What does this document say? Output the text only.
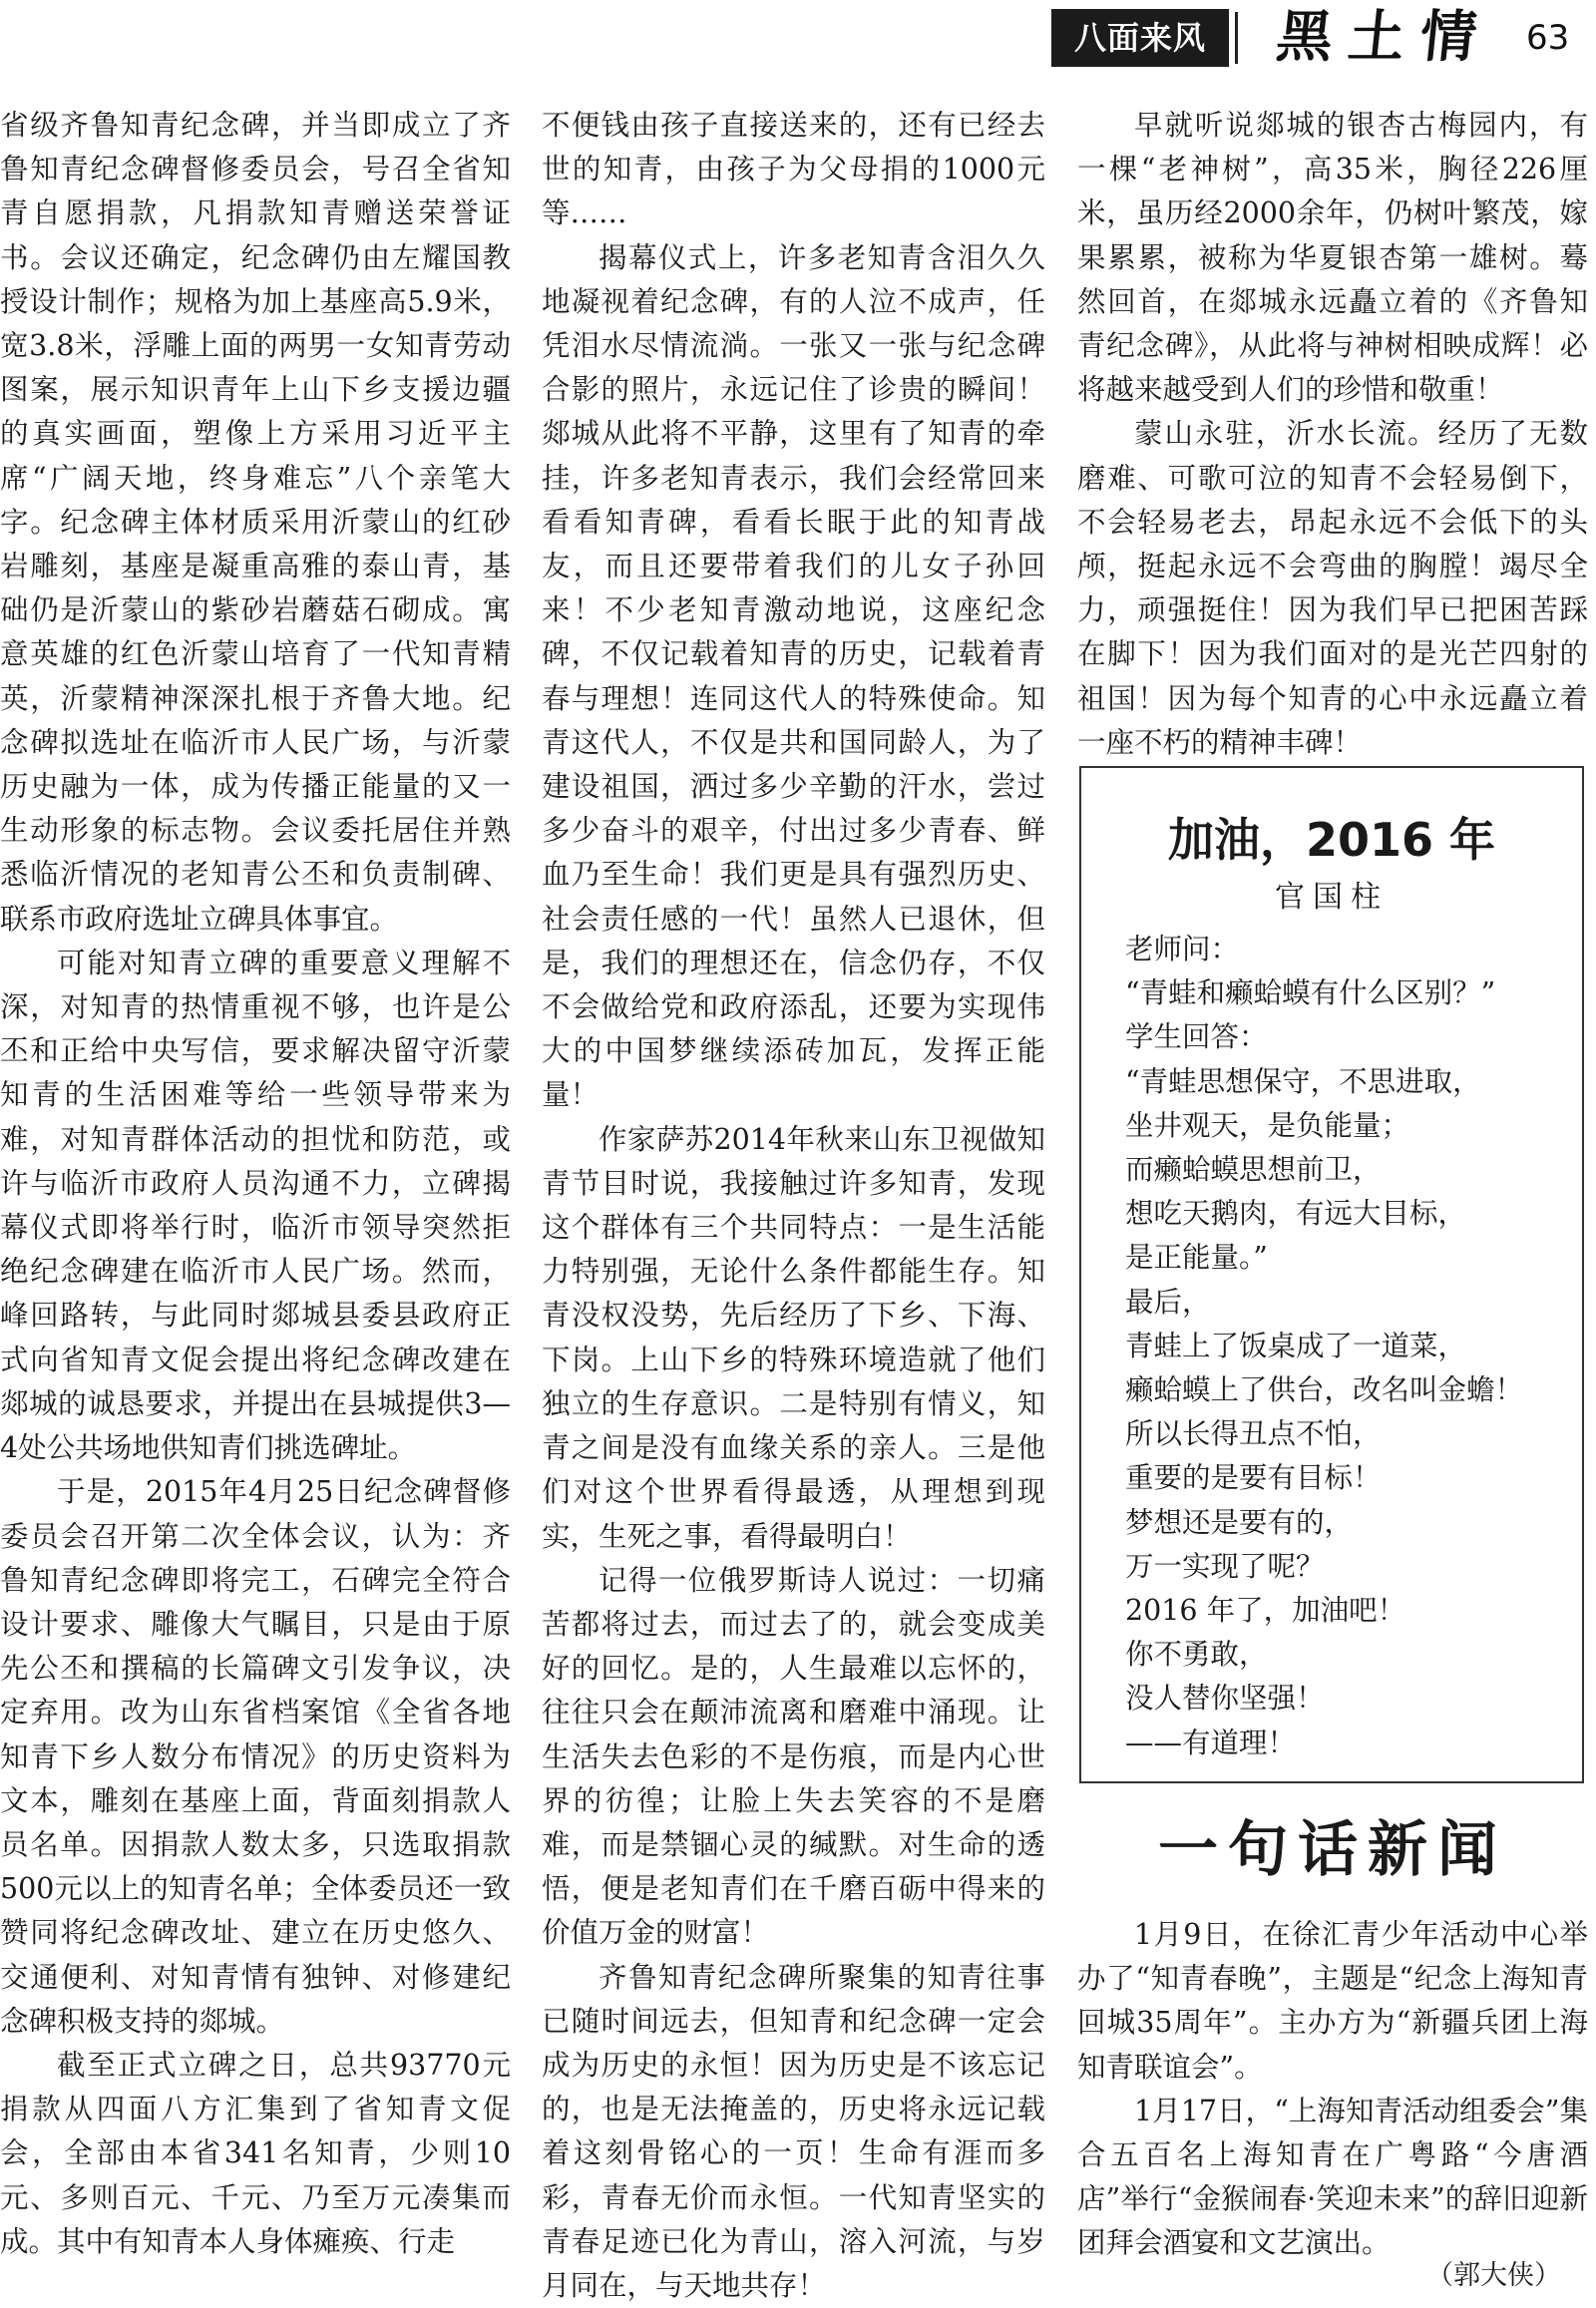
八面来风	黑土情 63

省级齐鲁知青纪念碑，并当即成立了齐鲁知青纪念碑督修委员会，号召全省知青自愿捐款，凡捐款知青赠送荣誉证书。会议还确定，纪念碑仍由左耀国教授设计制作；规格为加上基座高5.9米，宽3.8米，浮雕上面的两男一女知青劳动图案，展示知识青年上山下乡支援边疆的真实画面，塑像上方采用习近平主席“广阔天地，终身难忘”八个亲笔大字。纪念碑主体材质采用沂蒙山的红砂岩雕刻，基座是凝重高雅的泰山青，基础仍是沂蒙山的紫砂岩蘑菇石砌成。寓意英雄的红色沂蒙山培育了一代知青精英，沂蒙精神深深扎根于齐鲁大地。纪念碑拟选址在临沂市人民广场，与沂蒙历史融为一体，成为传播正能量的又一生动形象的标志物。会议委托居住并熟悉临沂情况的老知青公丕和负责制碑、联系市政府选址立碑具体事宜。

可能对知青立碑的重要意义理解不深，对知青的热情重视不够，也许是公丕和正给中央写信，要求解决留守沂蒙知青的生活困难等给一些领导带来为难，对知青群体活动的担忧和防范，或许与临沂市政府人员沟通不力，立碑揭幕仪式即将举行时，临沂市领导突然拒绝纪念碑建在临沂市人民广场。然而，峰回路转，与此同时郯城县委县政府正式向省知青文促会提出将纪念碑改建在郯城的诚恳要求，并提出在县城提供3—4处公共场地供知青们挑选碑址。

于是，2015年4月25日纪念碑督修委员会召开第二次全体会议，认为：齐鲁知青纪念碑即将完工，石碑完全符合设计要求、雕像大气瞩目，只是由于原先公丕和撰稿的长篇碑文引发争议，决定弃用。改为山东省档案馆《全省各地知青下乡人数分布情况》的历史资料为文本，雕刻在基座上面，背面刻捐款人员名单。因捐款人数太多，只选取捐款500元以上的知青名单；全体委员还一致赞同将纪念碑改址、建立在历史悠久、交通便利、对知青情有独钟、对修建纪念碑积极支持的郯城。

截至正式立碑之日，总共93770元捐款从四面八方汇集到了省知青文促会，全部由本省341名知青，少则10元、多则百元、千元、乃至万元凑集而成。其中有知青本人身体瘫痪、行走

不便钱由孩子直接送来的，还有已经去世的知青，由孩子为父母捐的1000元等……

揭幕仪式上，许多老知青含泪久久地凝视着纪念碑，有的人泣不成声，任凭泪水尽情流淌。一张又一张与纪念碑合影的照片，永远记住了诊贵的瞬间！郯城从此将不平静，这里有了知青的牵挂，许多老知青表示，我们会经常回来看看知青碑，看看长眠于此的知青战友，而且还要带着我们的儿女子孙回来！不少老知青激动地说，这座纪念碑，不仅记载着知青的历史，记载着青春与理想！连同这代人的特殊使命。知青这代人，不仅是共和国同龄人，为了建设祖国，洒过多少辛勤的汗水，尝过多少奋斗的艰辛，付出过多少青春、鲜血乃至生命！我们更是具有强烈历史、社会责任感的一代！虽然人已退休，但是，我们的理想还在，信念仍存，不仅不会做给党和政府添乱，还要为实现伟大的中国梦继续添砖加瓦，发挥正能量！

作家萨苏2014年秋来山东卫视做知青节目时说，我接触过许多知青，发现这个群体有三个共同特点：一是生活能力特别强，无论什么条件都能生存。知青没权没势，先后经历了下乡、下海、下岗。上山下乡的特殊环境造就了他们独立的生存意识。二是特别有情义，知青之间是没有血缘关系的亲人。三是他们对这个世界看得最透，从理想到现实，生死之事，看得最明白！

记得一位俄罗斯诗人说过：一切痛苦都将过去，而过去了的，就会变成美好的回忆。是的，人生最难以忘怀的，往往只会在颠沛流离和磨难中涌现。让生活失去色彩的不是伤痕，而是内心世界的彷徨；让脸上失去笑容的不是磨难，而是禁锢心灵的缄默。对生命的透悟，便是老知青们在千磨百砺中得来的价值万金的财富！

齐鲁知青纪念碑所聚集的知青往事已随时间远去，但知青和纪念碑一定会成为历史的永恒！因为历史是不该忘记的，也是无法掩盖的，历史将永远记载着这刻骨铭心的一页！生命有涯而多彩，青春无价而永恒。一代知青坚实的青春足迹已化为青山，溶入河流，与岁月同在，与天地共存！

早就听说郯城的银杏古梅园内，有一棵“老神树”，高35米，胸径226厘米，虽历经2000余年，仍树叶繁茂，嫁果累累，被称为华夏银杏第一雄树。蓦然回首，在郯城永远矗立着的《齐鲁知青纪念碑》，从此将与神树相映成辉！必将越来越受到人们的珍惜和敬重！

蒙山永驻，沂水长流。经历了无数磨难、可歌可泣的知青不会轻易倒下，不会轻易老去，昂起永远不会低下的头颅，挺起永远不会弯曲的胸膛！竭尽全力，顽强挺住！因为我们早已把困苦踩在脚下！因为我们面对的是光芒四射的祖国！因为每个知青的心中永远矗立着一座不朽的精神丰碑！

加油，2016 年
官国柱
老师问：
“青蛙和癞蛤蟆有什么区别？”
学生回答：
“青蛙思想保守，不思进取，
坐井观天，是负能量；
而癞蛤蟆思想前卫，
想吃天鹅肉，有远大目标，
是正能量。”
最后，
青蛙上了饭桌成了一道菜，
癞蛤蟆上了供台，改名叫金蟾！
所以长得丑点不怕，
重要的是要有目标！
梦想还是要有的，
万一实现了呢？
2016 年了，加油吧！
你不勇敢，
没人替你坚强！
——有道理！
一句话新闻

1月9日，在徐汇青少年活动中心举办了“知青春晚”，主题是“纪念上海知青回城35周年”。主办方为“新疆兵团上海知青联谊会”。

1月17日，“上海知青活动组委会”集合五百名上海知青在广粤路“今唐酒店”举行“金猴闹春·笑迎未来”的辞旧迎新团拜会酒宴和文艺演出。

（郭大侠）
